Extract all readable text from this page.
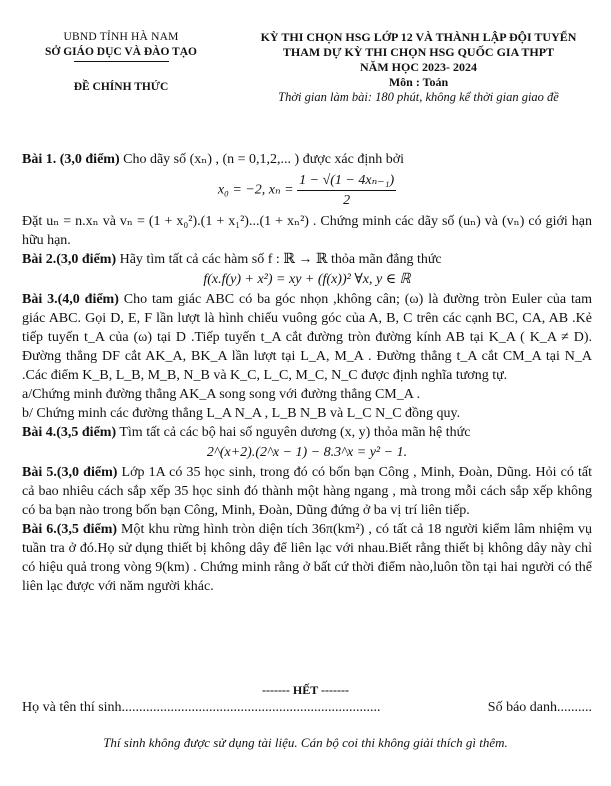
UBND TỈNH HÀ NAM
SỞ GIÁO DỤC VÀ ĐÀO TẠO
ĐỀ CHÍNH THỨC
KỲ THI CHỌN HSG LỚP 12 VÀ THÀNH LẬP ĐỘI TUYỂN
THAM DỰ KỲ THI CHỌN HSG QUỐC GIA THPT
NĂM HỌC 2023- 2024
Môn : Toán
Thời gian làm bài: 180 phút, không kể thời gian giao đề

Bài 1. (3,0 điểm) Cho dãy số (xₙ) , (n = 0,1,2,... ) được xác định bởi

x₀ = −2, $x_n = \frac{\text{1 − √(1 − 4xₙ₋₁)}}{2}$

Đặt uₙ = n.xₙ và vₙ = (1 + x₀²).(1 + x₁²)...(1 + xₙ²) . Chứng minh các dãy số (uₙ) và (vₙ) có giới hạn hữu hạn.

Bài 2.(3,0 điểm) Hãy tìm tất cả các hàm số f : ℝ → ℝ thỏa mãn đẳng thức

f(x.f(y) + x²) = xy + (f(x))² ∀x, y ∈ ℝ

Bài 3.(4,0 điểm) Cho tam giác ABC có ba góc nhọn ,không cân; (ω) là đường tròn Euler của tam giác ABC. Gọi D, E, F lần lượt là hình chiếu vuông góc của A, B, C trên các cạnh BC, CA, AB .Kẻ tiếp tuyến t_A của (ω) tại D .Tiếp tuyến t_A cắt đường tròn đường kính AB tại K_A ( K_A ≠ D). Đường thẳng DF cắt AK_A, BK_A lần lượt tại L_A, M_A . Đường thẳng t_A cắt CM_A tại N_A .Các điểm K_B, L_B, M_B, N_B và K_C, L_C, M_C, N_C được định nghĩa tương tự.

a/Chứng minh đường thẳng AK_A song song với đường thẳng CM_A .

b/ Chứng minh các đường thẳng L_A N_A , L_B N_B và L_C N_C đồng quy.

Bài 4.(3,5 điểm) Tìm tất cả các bộ hai số nguyên dương (x, y) thỏa mãn hệ thức

2^(x+2).(2^x − 1) − 8.3^x = y² − 1.

Bài 5.(3,0 điểm) Lớp 1A có 35 học sinh, trong đó có bốn bạn Công , Minh, Đoàn, Dũng. Hỏi có tất cả bao nhiêu cách sắp xếp 35 học sinh đó thành một hàng ngang , mà trong mỗi cách sắp xếp không có ba bạn nào trong bốn bạn Công, Minh, Đoàn, Dũng đứng ở ba vị trí liên tiếp.

Bài 6.(3,5 điểm) Một khu rừng hình tròn diện tích 36π(km²) , có tất cả 18 người kiểm lâm nhiệm vụ tuần tra ở đó.Họ sử dụng thiết bị không dây để liên lạc với nhau.Biết rằng thiết bị không dây này chỉ có hiệu quả trong vòng 9(km) . Chứng minh rằng ở bất cứ thời điểm nào,luôn tồn tại hai người có thể liên lạc được với năm người khác.

------- HẾT -------
Họ và tên thí sinh..........................................................................	Số báo danh..........
Thí sinh không được sử dụng tài liệu. Cán bộ coi thi không giải thích gì thêm.
